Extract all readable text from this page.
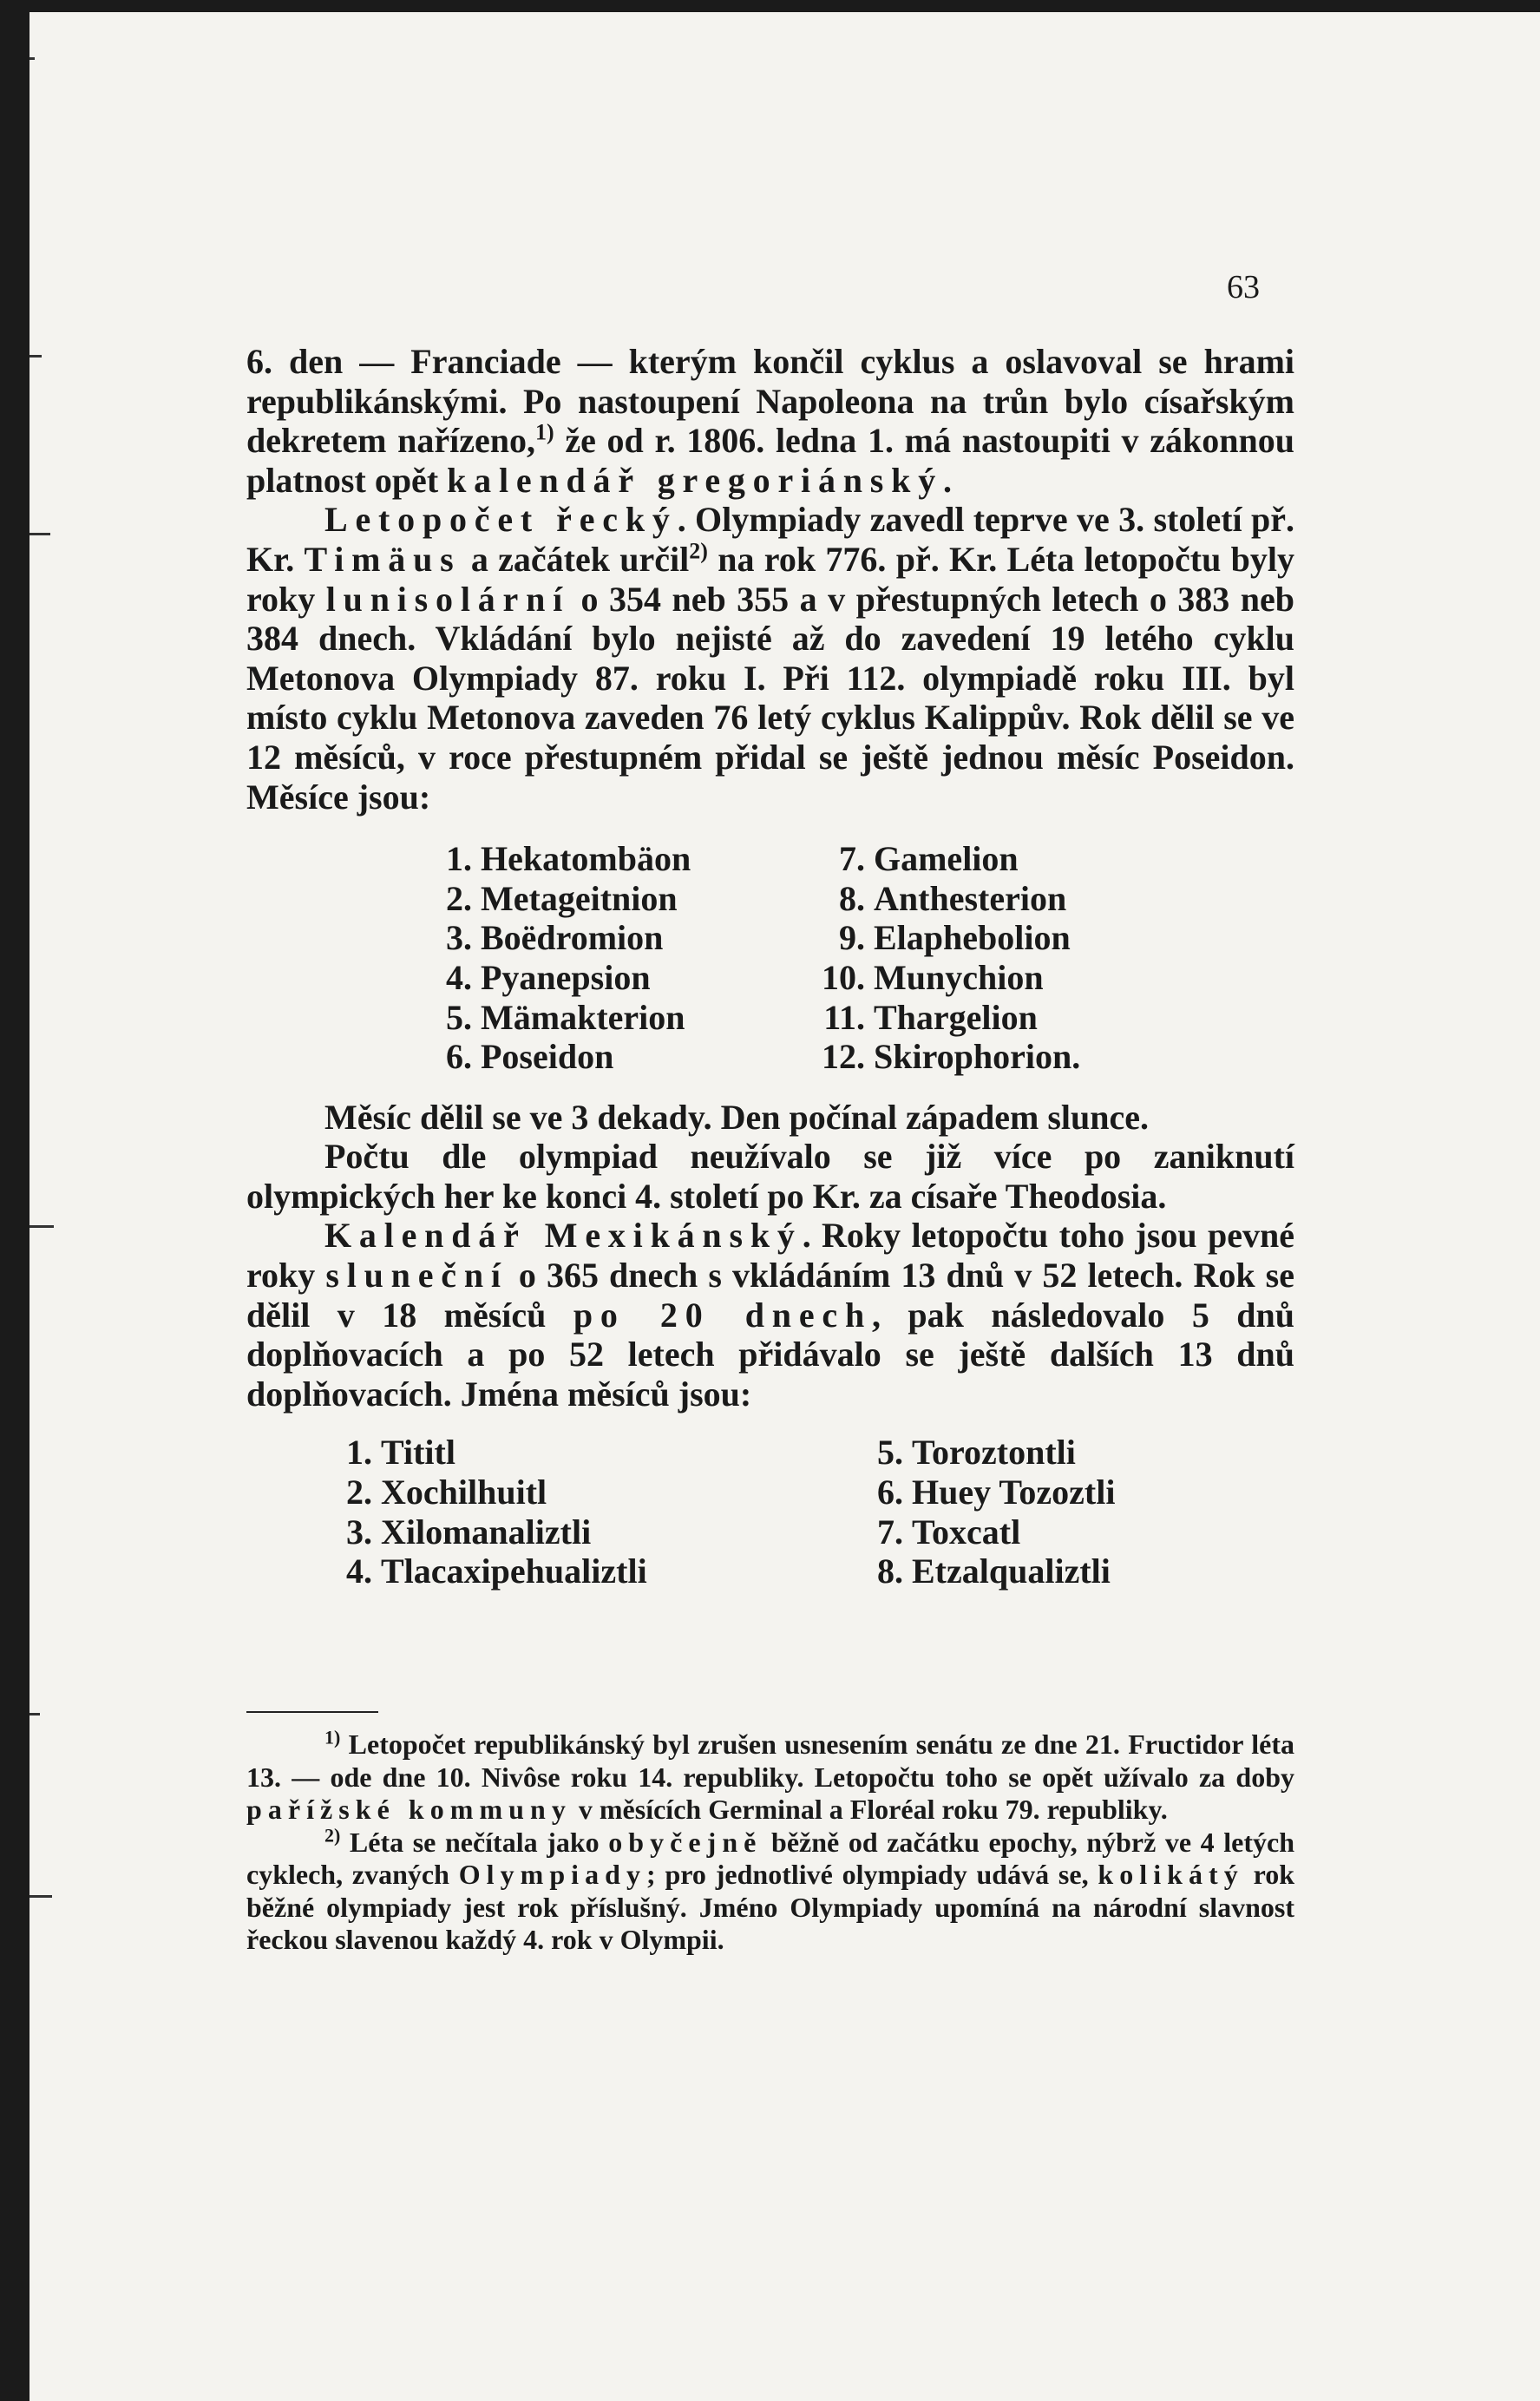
63

6. den — Franciade — kterým končil cyklus a oslavoval se hrami republikánskými. Po nastoupení Napoleona na trůn bylo císařským dekretem nařízeno,$^{1)}$ že od r. 1806. ledna 1. má nastoupiti v zákonnou platnost opět kalendář gregoriánský.

Letopočet řecký. Olympiady zavedl teprve ve 3. století př. Kr. Timäus a začátek určil$^{2)}$ na rok 776. př. Kr. Léta letopočtu byly roky lunisolární o 354 neb 355 a v přestupných letech o 383 neb 384 dnech. Vkládání bylo nejisté až do zavedení 19 letého cyklu Metonova Olympiady 87. roku I. Při 112. olympiadě roku III. byl místo cyklu Metonova zaveden 76 letý cyklus Kalippův. Rok dělil se ve 12 měsíců, v roce přestupném přidal se ještě jednou měsíc Poseidon. Měsíce jsou:

1. Hekatombäon	7. Gamelion
2. Metageitnion	8. Anthesterion
3. Boëdromion	9. Elaphebolion
4. Pyanepsion	10. Munychion
5. Mämakterion	11. Thargelion
6. Poseidon	12. Skirophorion.

Měsíc dělil se ve 3 dekady. Den počínal západem slunce.

Počtu dle olympiad neužívalo se již více po zaniknutí olympických her ke konci 4. století po Kr. za císaře Theodosia.

Kalendář Mexikánský. Roky letopočtu toho jsou pevné roky sluneční o 365 dnech s vkládáním 13 dnů v 52 letech. Rok se dělil v 18 měsíců po 20 dnech, pak následovalo 5 dnů doplňovacích a po 52 letech přidávalo se ještě dalších 13 dnů doplňovacích. Jména měsíců jsou:

1. Tititl	5. Toroztontli
2. Xochilhuitl	6. Huey Tozoztli
3. Xilomanaliztli	7. Toxcatl
4. Tlacaxipehualiztli	8. Etzalqualiztli

$^{1)}$ Letopočet republikánský byl zrušen usnesením senátu ze dne 21. Fructidor léta 13. — ode dne 10. Nivôse roku 14. republiky. Letopočtu toho se opět užívalo za doby pařížské kommuny v měsících Germinal a Floréal roku 79. republiky.

$^{2)}$ Léta se nečítala jako obyčejně běžně od začátku epochy, nýbrž ve 4 letých cyklech, zvaných Olympiady; pro jednotlivé olympiady udává se, kolikátý rok běžné olympiady jest rok příslušný. Jméno Olympiady upomíná na národní slavnost řeckou slavenou každý 4. rok v Olympii.
